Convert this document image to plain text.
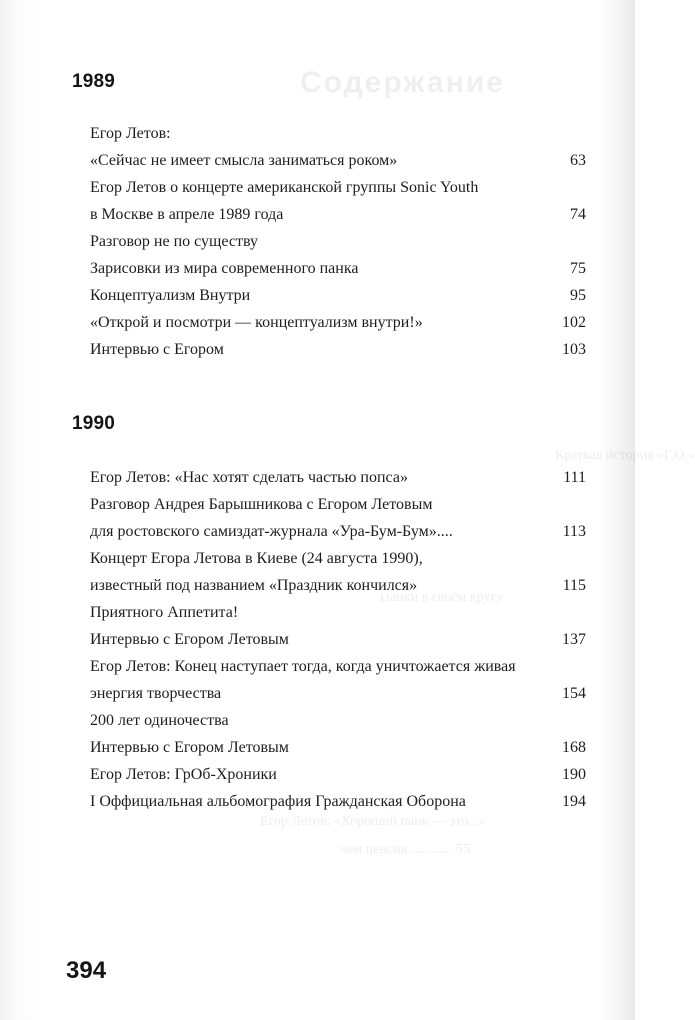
Содержание
Краткая история «Г.О.»
Егор Летов: «Хороший панк — это...»
чем пенсия ............ 55
1989
Егор Летов:
«Сейчас не имеет смысла заниматься роком»	63
Егор Летов о концерте американской группы Sonic Youth
в Москве в апреле 1989 года	74
Разговор не по существу
Зарисовки из мира современного панка	75
Концептуализм Внутри	95
«Открой и посмотри — концептуализм внутри!»	102
Интервью с Егором	103
1990
Егор Летов: «Нас хотят сделать частью попса»	111
Разговор Андрея Барышникова с Егором Летовым
для ростовского самиздат-журнала «Ура-Бум-Бум»....	113
Концерт Егора Летова в Киеве (24 августа 1990),
известный под названием «Праздник кончился»	115
Приятного Аппетита!
Интервью с Егором Летовым	137
Егор Летов: Конец наступает тогда, когда уничтожается живая
энергия творчества	154
200 лет одиночества
Интервью с Егором Летовым	168
Егор Летов: ГрОб-Хроники	190
I Оффициальная альбомография Гражданская Оборона	194
394
